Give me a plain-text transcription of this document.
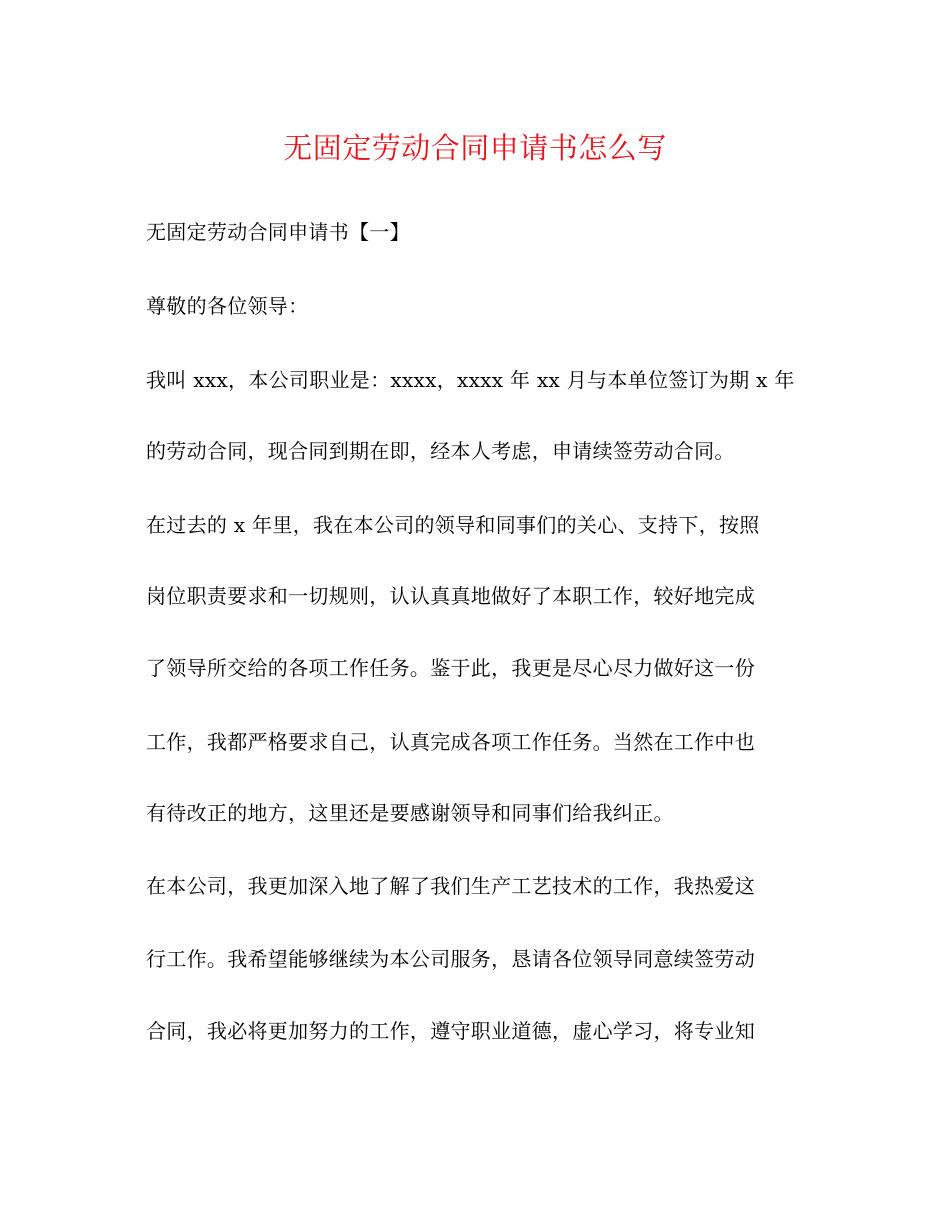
无固定劳动合同申请书怎么写
无固定劳动合同申请书【一】
尊敬的各位领导：
我叫 xxx，本公司职业是：xxxx，xxxx 年 xx 月与本单位签订为期 x 年
的劳动合同，现合同到期在即，经本人考虑，申请续签劳动合同。
在过去的 x 年里，我在本公司的领导和同事们的关心、支持下，按照
岗位职责要求和一切规则，认认真真地做好了本职工作，较好地完成
了领导所交给的各项工作任务。鉴于此，我更是尽心尽力做好这一份
工作，我都严格要求自己，认真完成各项工作任务。当然在工作中也
有待改正的地方，这里还是要感谢领导和同事们给我纠正。
在本公司，我更加深入地了解了我们生产工艺技术的工作，我热爱这
行工作。我希望能够继续为本公司服务，恳请各位领导同意续签劳动
合同，我必将更加努力的工作，遵守职业道德，虚心学习，将专业知
